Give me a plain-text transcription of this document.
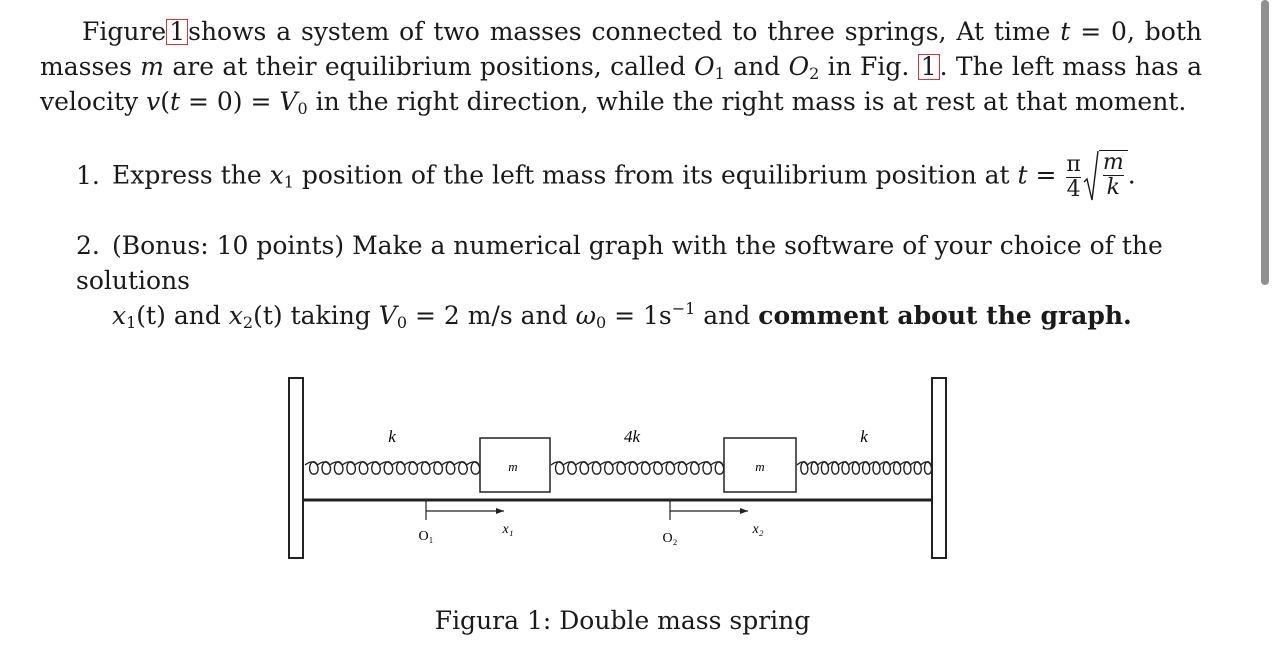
Figure 1 shows a system of two masses connected to three springs, At time t = 0, both masses m are at their equilibrium positions, called $O_1$ and $O_2$ in Fig. 1 . The left mass has a velocity $v(t = 0) = V_0$ in the right direction, while the right mass is at rest at that moment.

1. Express the $x_1$ position of the left mass from its equilibrium position at $t = \frac{\pi}{4} \frac{m}{k}$ .
2. (Bonus: 10 points) Make a numerical graph with the software of your choice of the solutions
$x_1(t)$ and $x_2(t)$ taking $V_0 = 2$ m/s and $\omega_0 = 1s^{-1}$ and comment about the graph.
m	m
k	4k	k
O₁	O₂
x₁	x₂
Figura 1: Double mass spring
